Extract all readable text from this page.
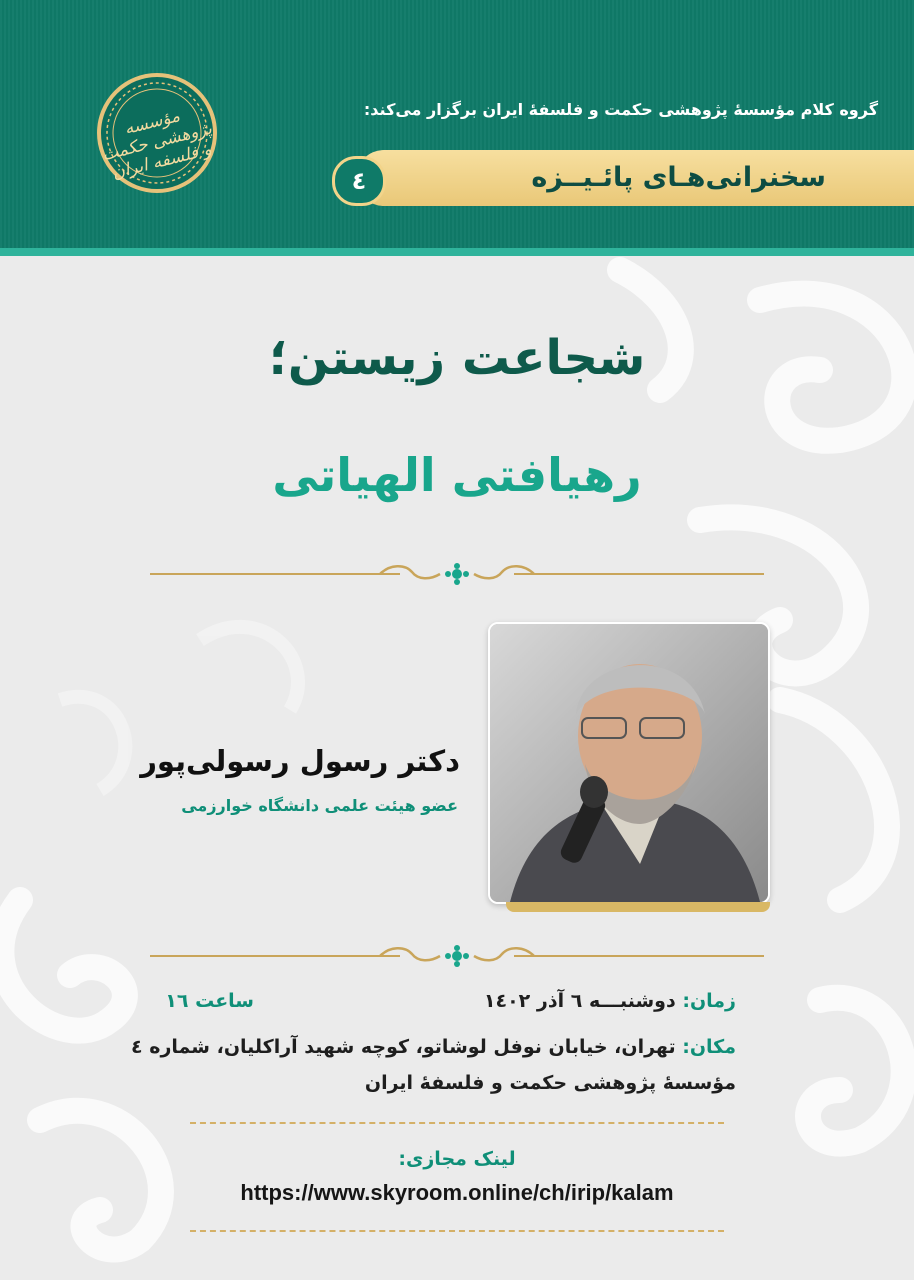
مؤسسه پژوهشی حکمت و فلسفه ایران
گروه کلام مؤسسهٔ پژوهشی حکمت و فلسفهٔ ایران برگزار می‌کند:
سخنرانی‌هـای پائـیــزه
٤
شجاعت زیستن؛
رهیافتی الهیاتی
دکتر رسول رسولی‌پور
عضو هیئت علمی دانشگاه خوارزمی
زمان: دوشنبـــه ٦ آذر ١٤٠٢
ساعت ١٦
مکان: تهران، خیابان نوفل لوشاتو، کوچه شهید آراکلیان، شماره ٤
مؤسسهٔ پژوهشی حکمت و فلسفهٔ ایران
لینک مجازی:
https://www.skyroom.online/ch/irip/kalam
